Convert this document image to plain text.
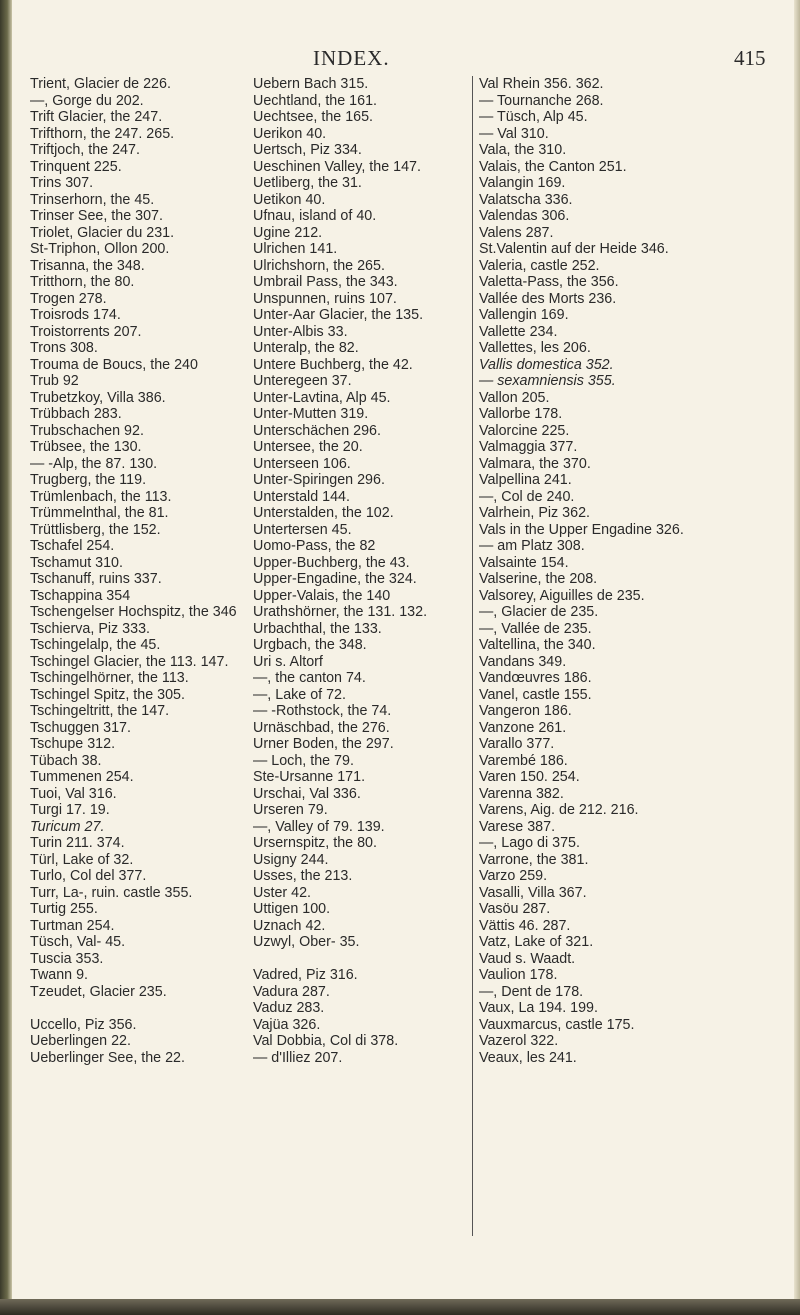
INDEX.	415
Trient, Glacier de 226.
—, Gorge du 202.
Trift Glacier, the 247.
Trifthorn, the 247. 265.
Triftjoch, the 247.
Trinquent 225.
Trins 307.
Trinserhorn, the 45.
Trinser See, the 307.
Triolet, Glacier du 231.
St-Triphon, Ollon 200.
Trisanna, the 348.
Tritthorn, the 80.
Trogen 278.
Troisrods 174.
Troistorrents 207.
Trons 308.
Trouma de Boucs, the 240
Trub 92
Trubetzkoy, Villa 386.
Trübbach 283.
Trubschachen 92.
Trübsee, the 130.
— -Alp, the 87. 130.
Trugberg, the 119.
Trümlenbach, the 113.
Trümmelnthal, the 81.
Trüttlisberg, the 152.
Tschafel 254.
Tschamut 310.
Tschanuff, ruins 337.
Tschappina 354
Tschengelser Hochspitz, the 346
Tschierva, Piz 333.
Tschingelalp, the 45.
Tschingel Glacier, the 113. 147.
Tschingelhörner, the 113.
Tschingel Spitz, the 305.
Tschingeltritt, the 147.
Tschuggen 317.
Tschupe 312.
Tübach 38.
Tummenen 254.
Tuoi, Val 316.
Turgi 17. 19.
Turicum 27.
Turin 211. 374.
Türl, Lake of 32.
Turlo, Col del 377.
Turr, La-, ruin. castle 355.
Turtig 255.
Turtman 254.
Tüsch, Val- 45.
Tuscia 353.
Twann 9.
Tzeudet, Glacier 235.
Uccello, Piz 356.
Ueberlingen 22.
Ueberlinger See, the 22.
Uebern Bach 315.
Uechtland, the 161.
Uechtsee, the 165.
Uerikon 40.
Uertsch, Piz 334.
Ueschinen Valley, the 147.
Uetliberg, the 31.
Uetikon 40.
Ufnau, island of 40.
Ugine 212.
Ulrichen 141.
Ulrichshorn, the 265.
Umbrail Pass, the 343.
Unspunnen, ruins 107.
Unter-Aar Glacier, the 135.
Unter-Albis 33.
Unteralp, the 82.
Untere Buchberg, the 42.
Unteregeen 37.
Unter-Lavtina, Alp 45.
Unter-Mutten 319.
Unterschächen 296.
Untersee, the 20.
Unterseen 106.
Unter-Spiringen 296.
Unterstald 144.
Unterstalden, the 102.
Untertersen 45.
Uomo-Pass, the 82
Upper-Buchberg, the 43.
Upper-Engadine, the 324.
Upper-Valais, the 140
Urathshörner, the 131. 132.
Urbachthal, the 133.
Urgbach, the 348.
Uri s. Altorf
—, the canton 74.
—, Lake of 72.
— -Rothstock, the 74.
Urnäschbad, the 276.
Urner Boden, the 297.
— Loch, the 79.
Ste-Ursanne 171.
Urschai, Val 336.
Urseren 79.
—, Valley of 79. 139.
Ursernspitz, the 80.
Usigny 244.
Usses, the 213.
Uster 42.
Uttigen 100.
Uznach 42.
Uzwyl, Ober- 35.
Vadred, Piz 316.
Vadura 287.
Vaduz 283.
Vajüa 326.
Val Dobbia, Col di 378.
— d'Illiez 207.
Val Rhein 356. 362.
— Tournanche 268.
— Tüsch, Alp 45.
— Val 310.
Vala, the 310.
Valais, the Canton 251.
Valangin 169.
Valatscha 336.
Valendas 306.
Valens 287.
St.Valentin auf der Heide 346.
Valeria, castle 252.
Valetta-Pass, the 356.
Vallée des Morts 236.
Vallengin 169.
Vallette 234.
Vallettes, les 206.
Vallis domestica 352.
— sexamniensis 355.
Vallon 205.
Vallorbe 178.
Valorcine 225.
Valmaggia 377.
Valmara, the 370.
Valpellina 241.
—, Col de 240.
Valrhein, Piz 362.
Vals in the Upper Engadine 326.
— am Platz 308.
Valsainte 154.
Valserine, the 208.
Valsorey, Aiguilles de 235.
—, Glacier de 235.
—, Vallée de 235.
Valtellina, the 340.
Vandans 349.
Vandœuvres 186.
Vanel, castle 155.
Vangeron 186.
Vanzone 261.
Varallo 377.
Varembé 186.
Varen 150. 254.
Varenna 382.
Varens, Aig. de 212. 216.
Varese 387.
—, Lago di 375.
Varrone, the 381.
Varzo 259.
Vasalli, Villa 367.
Vasöu 287.
Vättis 46. 287.
Vatz, Lake of 321.
Vaud s. Waadt.
Vaulion 178.
—, Dent de 178.
Vaux, La 194. 199.
Vauxmarcus, castle 175.
Vazerol 322.
Veaux, les 241.
